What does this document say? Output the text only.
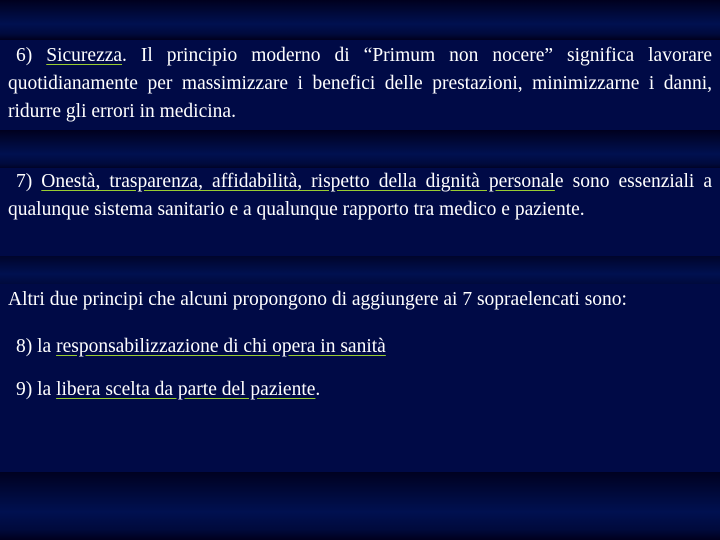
6) Sicurezza. Il principio moderno di “Primum non nocere” significa lavorare quotidianamente per massimizzare i benefici delle prestazioni, minimizzarne i danni, ridurre gli errori in medicina.

7) Onestà, trasparenza, affidabilità, rispetto della dignità personale sono essenziali a qualunque sistema sanitario e a qualunque rapporto tra medico e paziente.

Altri due principi che alcuni propongono di aggiungere ai 7 sopraelencati sono:

8) la responsabilizzazione di chi opera in sanità

9) la libera scelta da parte del paziente.
